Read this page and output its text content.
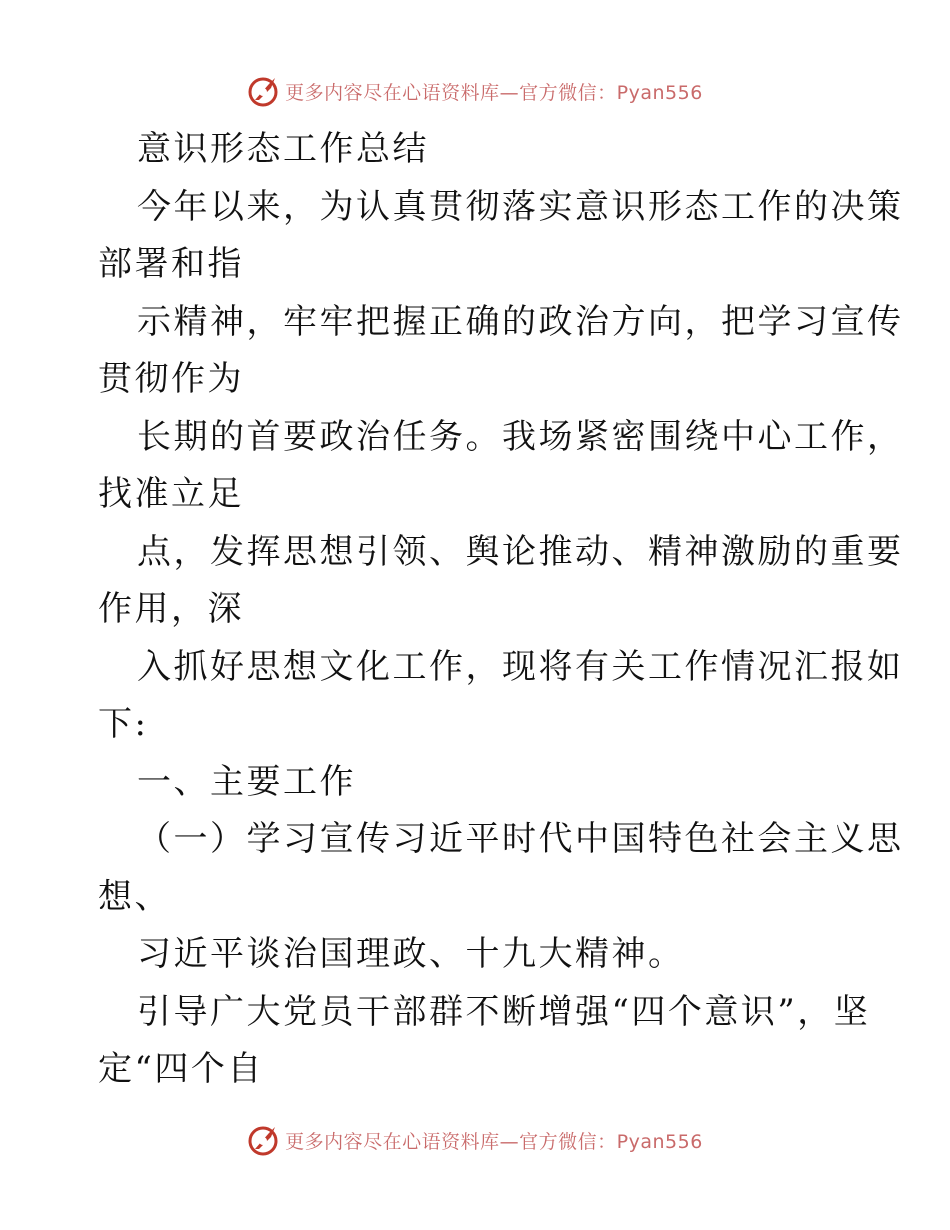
更多内容尽在心语资料库—官方微信：Pyan556
意识形态工作总结
今年以来，为认真贯彻落实意识形态工作的决策
部署和指
示精神，牢牢把握正确的政治方向，把学习宣传
贯彻作为
长期的首要政治任务。我场紧密围绕中心工作，
找准立足
点，发挥思想引领、舆论推动、精神激励的重要
作用，深
入抓好思想文化工作，现将有关工作情况汇报如
下:
一、主要工作
（一）学习宣传习近平时代中国特色社会主义思
想、
习近平谈治国理政、十九大精神。
引导广大党员干部群不断增强“四个意识”，坚
定“四个自
更多内容尽在心语资料库—官方微信：Pyan556
